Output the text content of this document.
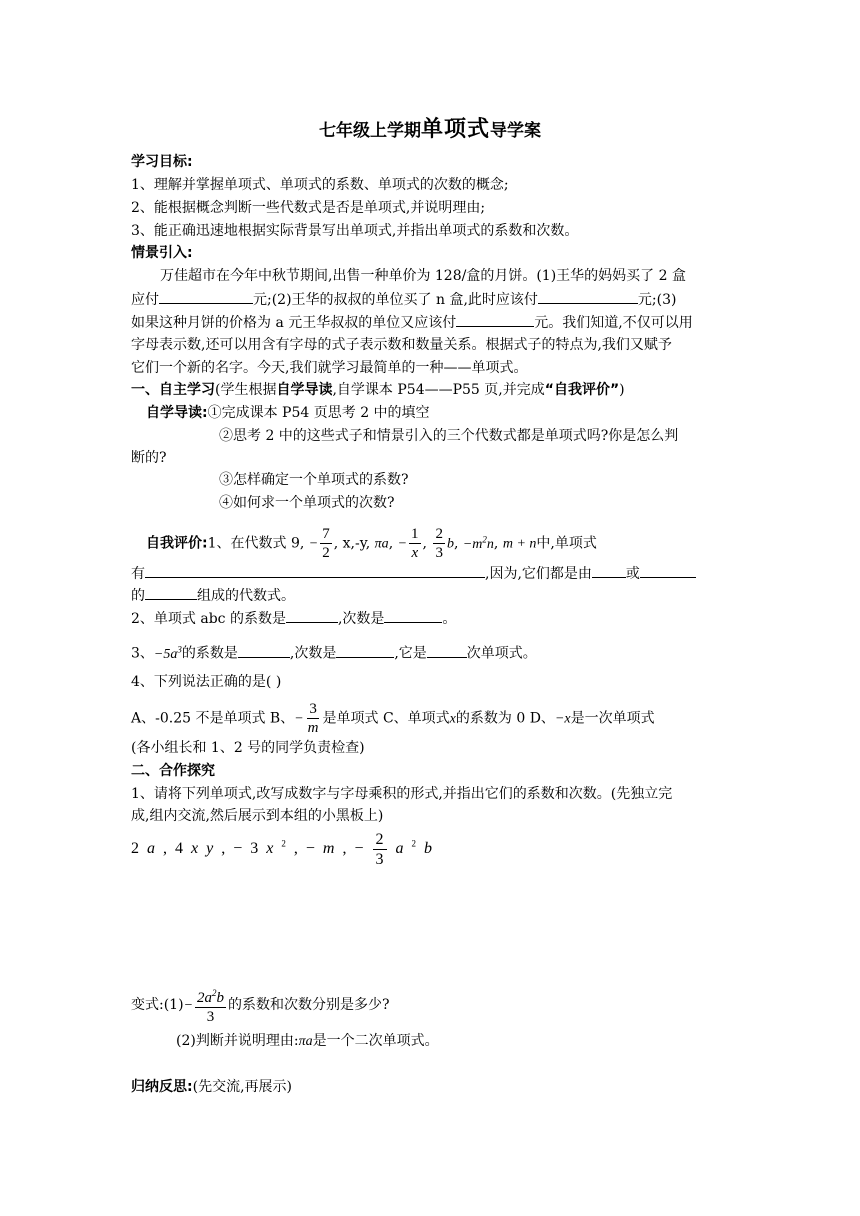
七年级上学期单项式导学案
学习目标:
1、理解并掌握单项式、单项式的系数、单项式的次数的概念;
2、能根据概念判断一些代数式是否是单项式,并说明理由;
3、能正确迅速地根据实际背景写出单项式,并指出单项式的系数和次数。
情景引入:
万佳超市在今年中秋节期间,出售一种单价为 128/盒的月饼。(1)王华的妈妈买了 2 盒
应付	元;(2)王华的叔叔的单位买了 n 盒,此时应该付	元;(3)
如果这种月饼的价格为 a 元王华叔叔的单位又应该付	元。我们知道,不仅可以用
字母表示数,还可以用含有字母的式子表示数和数量关系。根据式子的特点为,我们又赋予
它们一个新的名字。今天,我们就学习最简单的一种——单项式。
一、自主学习(学生根据自学导读,自学课本 P54——P55 页,并完成“自我评价”)
自学导读:①完成课本 P54 页思考 2 中的填空
②思考 2 中的这些式子和情景引入的三个代数式都是单项式吗?你是怎么判
断的?
③怎样确定一个单项式的系数?
④如何求一个单项式的次数?
自我评价:1、在代数式 9, − $\frac{7}{2}$ , x,-y, πa, − $\frac{1}{x}$ , $\frac{2}{3} b$, $-m^2n$, m + n中,单项式
有	,因为,它们都是由 或
的	组成的代数式。
2、单项式 abc 的系数是	,次数是	。
3、$-5a^3$的系数是	,次数是	,它是	次单项式。
4、下列说法正确的是( )
A、-0.25 不是单项式 B、− $\frac{3}{m}$ 是单项式 C、单项式x的系数为 0 D、−x是一次单项式
(各小组长和 1、2 号的同学负责检查)
二、合作探究
1、请将下列单项式,改写成数字与字母乘积的形式,并指出它们的系数和次数。(先独立完
成,组内交流,然后展示到本组的小黑板上)
2 a , 4 x y , − 3 x $^2$ , − m , − $\frac{2}{3}$ a $^2$ b
变式:(1)− $\frac{2a^2b}{3}$ 的系数和次数分别是多少?
(2)判断并说明理由:πa是一个二次单项式。
归纳反思:(先交流,再展示)
